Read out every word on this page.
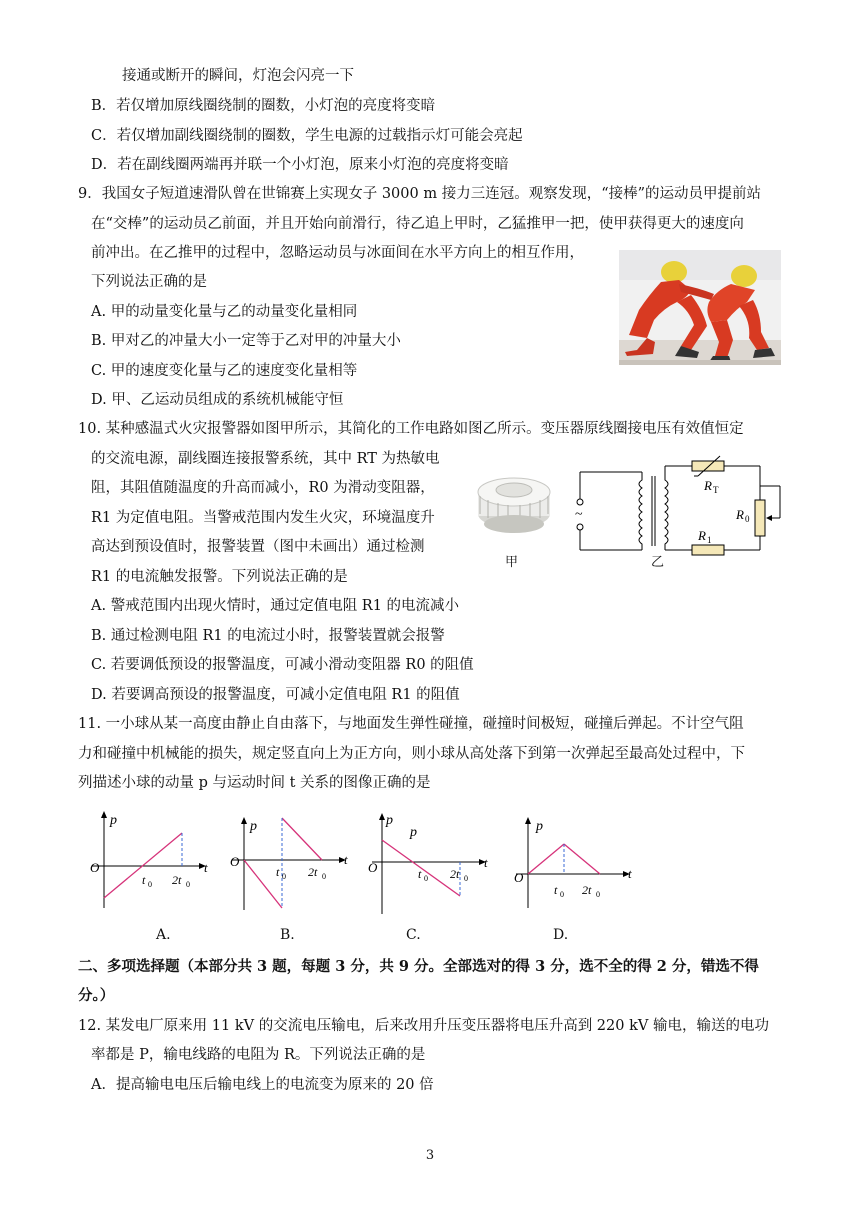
接通或断开的瞬间，灯泡会闪亮一下
B．若仅增加原线圈绕制的圈数，小灯泡的亮度将变暗
C．若仅增加副线圈绕制的圈数，学生电源的过载指示灯可能会亮起
D．若在副线圈两端再并联一个小灯泡，原来小灯泡的亮度将变暗
9．我国女子短道速滑队曾在世锦赛上实现女子 3000 m 接力三连冠。观察发现，“接棒”的运动员甲提前站
在“交棒”的运动员乙前面，并且开始向前滑行，待乙追上甲时，乙猛推甲一把，使甲获得更大的速度向
前冲出。在乙推甲的过程中，忽略运动员与冰面间在水平方向上的相互作用，
下列说法正确的是
A. 甲的动量变化量与乙的动量变化量相同
B. 甲对乙的冲量大小一定等于乙对甲的冲量大小
C. 甲的速度变化量与乙的速度变化量相等
D. 甲、乙运动员组成的系统机械能守恒
10. 某种感温式火灾报警器如图甲所示，其简化的工作电路如图乙所示。变压器原线圈接电压有效值恒定
的交流电源，副线圈连接报警系统，其中 RT 为热敏电
阻，其阻值随温度的升高而减小，R0 为滑动变阻器，
R1 为定值电阻。当警戒范围内发生火灾，环境温度升
高达到预设值时，报警装置（图中未画出）通过检测
R1 的电流触发报警。下列说法正确的是
A. 警戒范围内出现火情时，通过定值电阻 R1 的电流减小
B. 通过检测电阻 R1 的电流过小时，报警装置就会报警
C. 若要调低预设的报警温度，可减小滑动变阻器 R0 的阻值
D. 若要调高预设的报警温度，可减小定值电阻 R1 的阻值
11. 一小球从某一高度由静止自由落下，与地面发生弹性碰撞，碰撞时间极短，碰撞后弹起。不计空气阻
力和碰撞中机械能的损失，规定竖直向上为正方向，则小球从高处落下到第一次弹起至最高处过程中，下
列描述小球的动量 p 与运动时间 t 关系的图像正确的是
二、多项选择题（本部分共 3 题，每题 3 分，共 9 分。全部选对的得 3 分，选不全的得 2 分，错选不得
分。）
12. 某发电厂原来用 11 kV 的交流电压输电，后来改用升压变压器将电压升高到 220 kV 输电，输送的电功
率都是 P，输电线路的电阻为 R。下列说法正确的是
A．提高输电电压后输电线上的电流变为原来的 20 倍
甲
~
R T
R 0
R 1
乙
p
t
O
t 0 2t 0
A.
p
t
O
t 0 2t 0
B.
p
p
t
O	t 0 2t 0
C.
p
t
O
t 0 2t 0
D.
3
